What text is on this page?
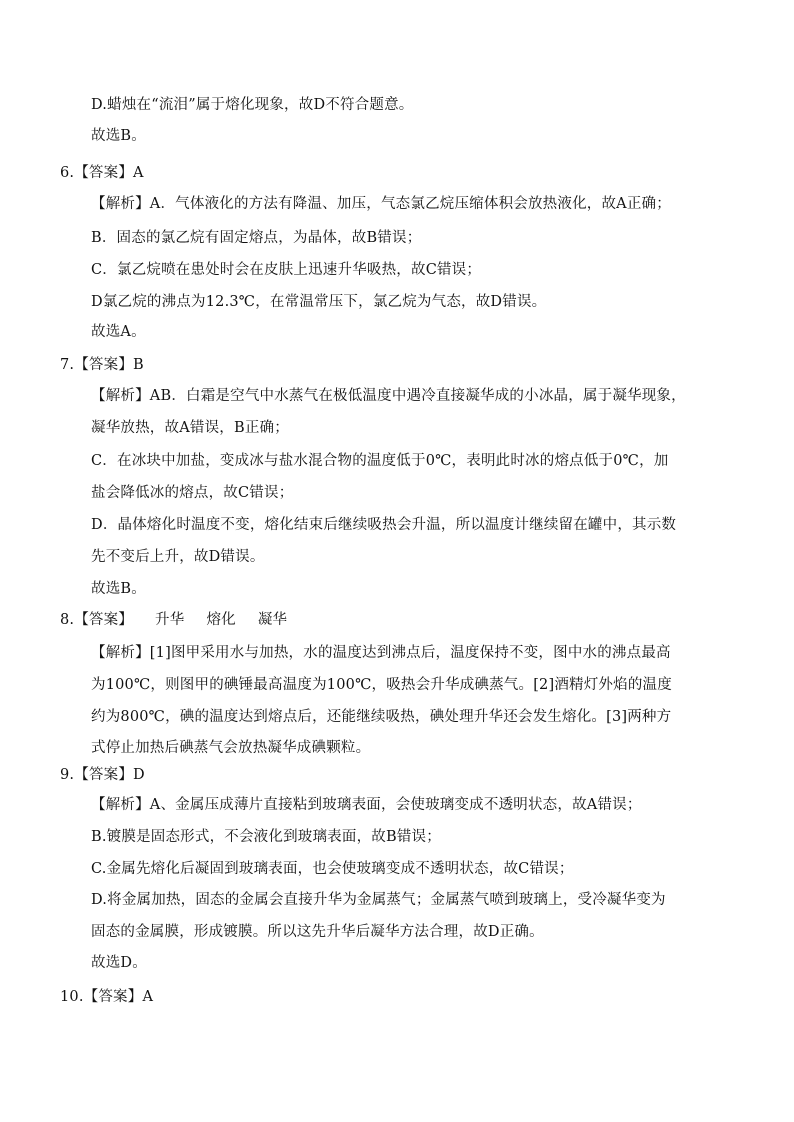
D.蜡烛在“流泪”属于熔化现象，故D不符合题意。
故选B。
6.【答案】A
【解析】A．气体液化的方法有降温、加压，气态氯乙烷压缩体积会放热液化，故A正确；
B．固态的氯乙烷有固定熔点，为晶体，故B错误；
C．氯乙烷喷在患处时会在皮肤上迅速升华吸热，故C错误；
D氯乙烷的沸点为12.3℃，在常温常压下，氯乙烷为气态，故D错误。
故选A。
7.【答案】B
【解析】AB．白霜是空气中水蒸气在极低温度中遇冷直接凝华成的小冰晶，属于凝华现象，
凝华放热，故A错误，B正确；
C．在冰块中加盐，变成冰与盐水混合物的温度低于0℃，表明此时冰的熔点低于0℃，加
盐会降低冰的熔点，故C错误；
D．晶体熔化时温度不变，熔化结束后继续吸热会升温，所以温度计继续留在罐中，其示数
先不变后上升，故D错误。
故选B。
8.【答案】 升华 熔化 凝华
【解析】[1]图甲采用水与加热，水的温度达到沸点后，温度保持不变，图中水的沸点最高
为100℃，则图甲的碘锤最高温度为100℃，吸热会升华成碘蒸气。[2]酒精灯外焰的温度
约为800℃，碘的温度达到熔点后，还能继续吸热，碘处理升华还会发生熔化。[3]两种方
式停止加热后碘蒸气会放热凝华成碘颗粒。
9.【答案】D
【解析】A、金属压成薄片直接粘到玻璃表面，会使玻璃变成不透明状态，故A错误；
B.镀膜是固态形式，不会液化到玻璃表面，故B错误；
C.金属先熔化后凝固到玻璃表面，也会使玻璃变成不透明状态，故C错误；
D.将金属加热，固态的金属会直接升华为金属蒸气；金属蒸气喷到玻璃上，受冷凝华变为
固态的金属膜，形成镀膜。所以这先升华后凝华方法合理，故D正确。
故选D。
10.【答案】A
